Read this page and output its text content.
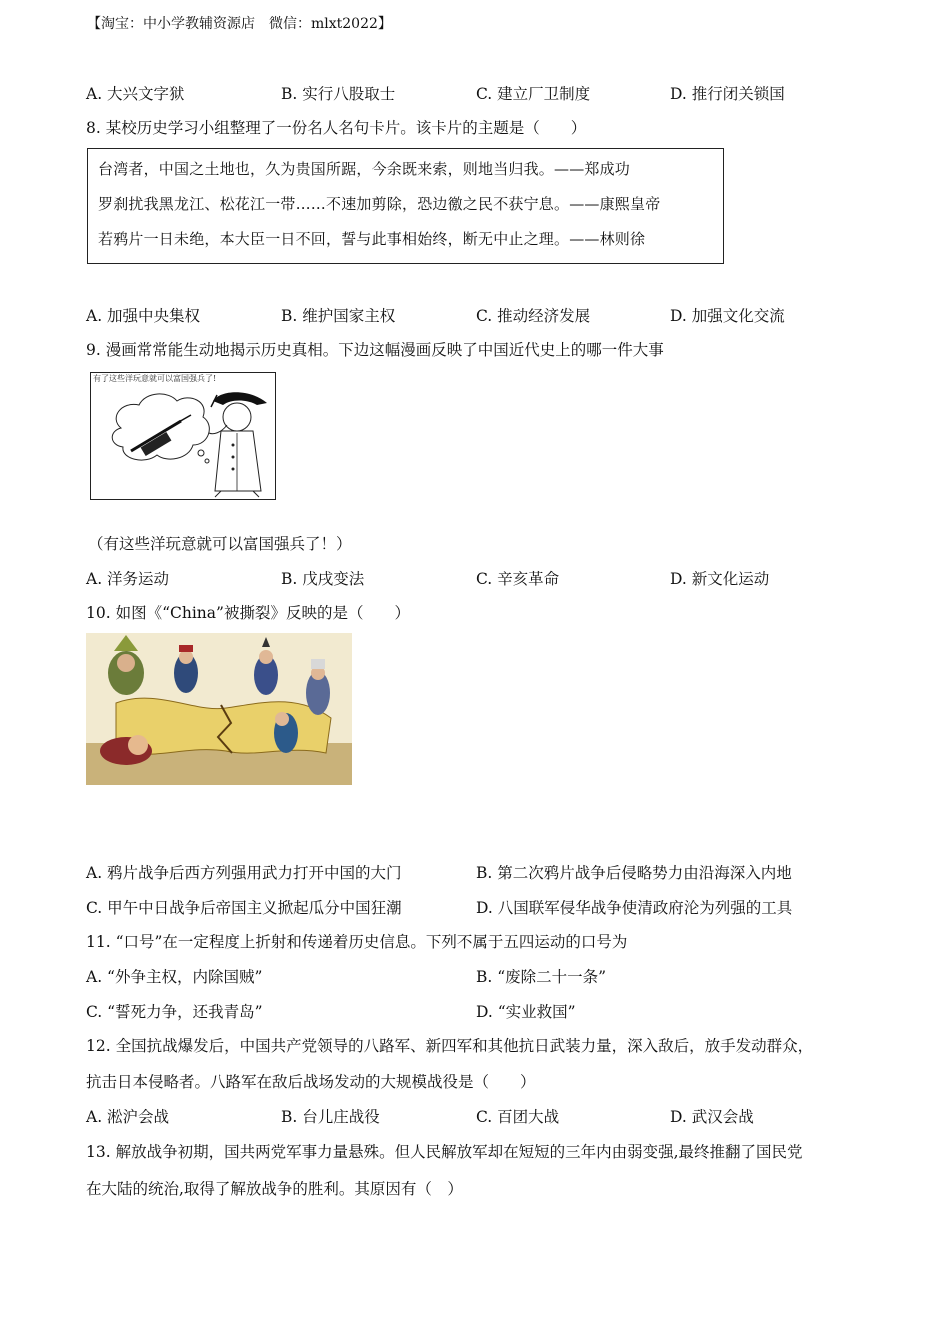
【淘宝：中小学教辅资源店　微信：mlxt2022】
A. 大兴文字狱	B. 实行八股取士	C. 建立厂卫制度	D. 推行闭关锁国
8. 某校历史学习小组整理了一份名人名句卡片。该卡片的主题是（　　）
台湾者，中国之土地也，久为贵国所踞，今余既来索，则地当归我。——郑成功
罗刹扰我黑龙江、松花江一带……不速加剪除，恐边徼之民不获宁息。——康熙皇帝
若鸦片一日未绝，本大臣一日不回，誓与此事相始终，断无中止之理。——林则徐
A. 加强中央集权	B. 维护国家主权	C. 推动经济发展	D. 加强文化交流
9. 漫画常常能生动地揭示历史真相。下边这幅漫画反映了中国近代史上的哪一件大事
有了这些洋玩意就可以富国强兵了!
（有这些洋玩意就可以富国强兵了！）
A. 洋务运动	B. 戊戌变法	C. 辛亥革命	D. 新文化运动
10. 如图《“China”被撕裂》反映的是（　　）
A. 鸦片战争后西方列强用武力打开中国的大门	B. 第二次鸦片战争后侵略势力由沿海深入内地
C. 甲午中日战争后帝国主义掀起瓜分中国狂潮	D. 八国联军侵华战争使清政府沦为列强的工具
11. “口号”在一定程度上折射和传递着历史信息。下列不属于五四运动的口号为
A. “外争主权，内除国贼”	B. “废除二十一条”
C. “誓死力争，还我青岛”	D. “实业救国”
12. 全国抗战爆发后，中国共产党领导的八路军、新四军和其他抗日武装力量，深入敌后，放手发动群众，
抗击日本侵略者。八路军在敌后战场发动的大规模战役是（　　）
A. 淞沪会战	B. 台儿庄战役	C. 百团大战	D. 武汉会战
13. 解放战争初期，国共两党军事力量悬殊。但人民解放军却在短短的三年内由弱变强,最终推翻了国民党
在大陆的统治,取得了解放战争的胜利。其原因有（　）
